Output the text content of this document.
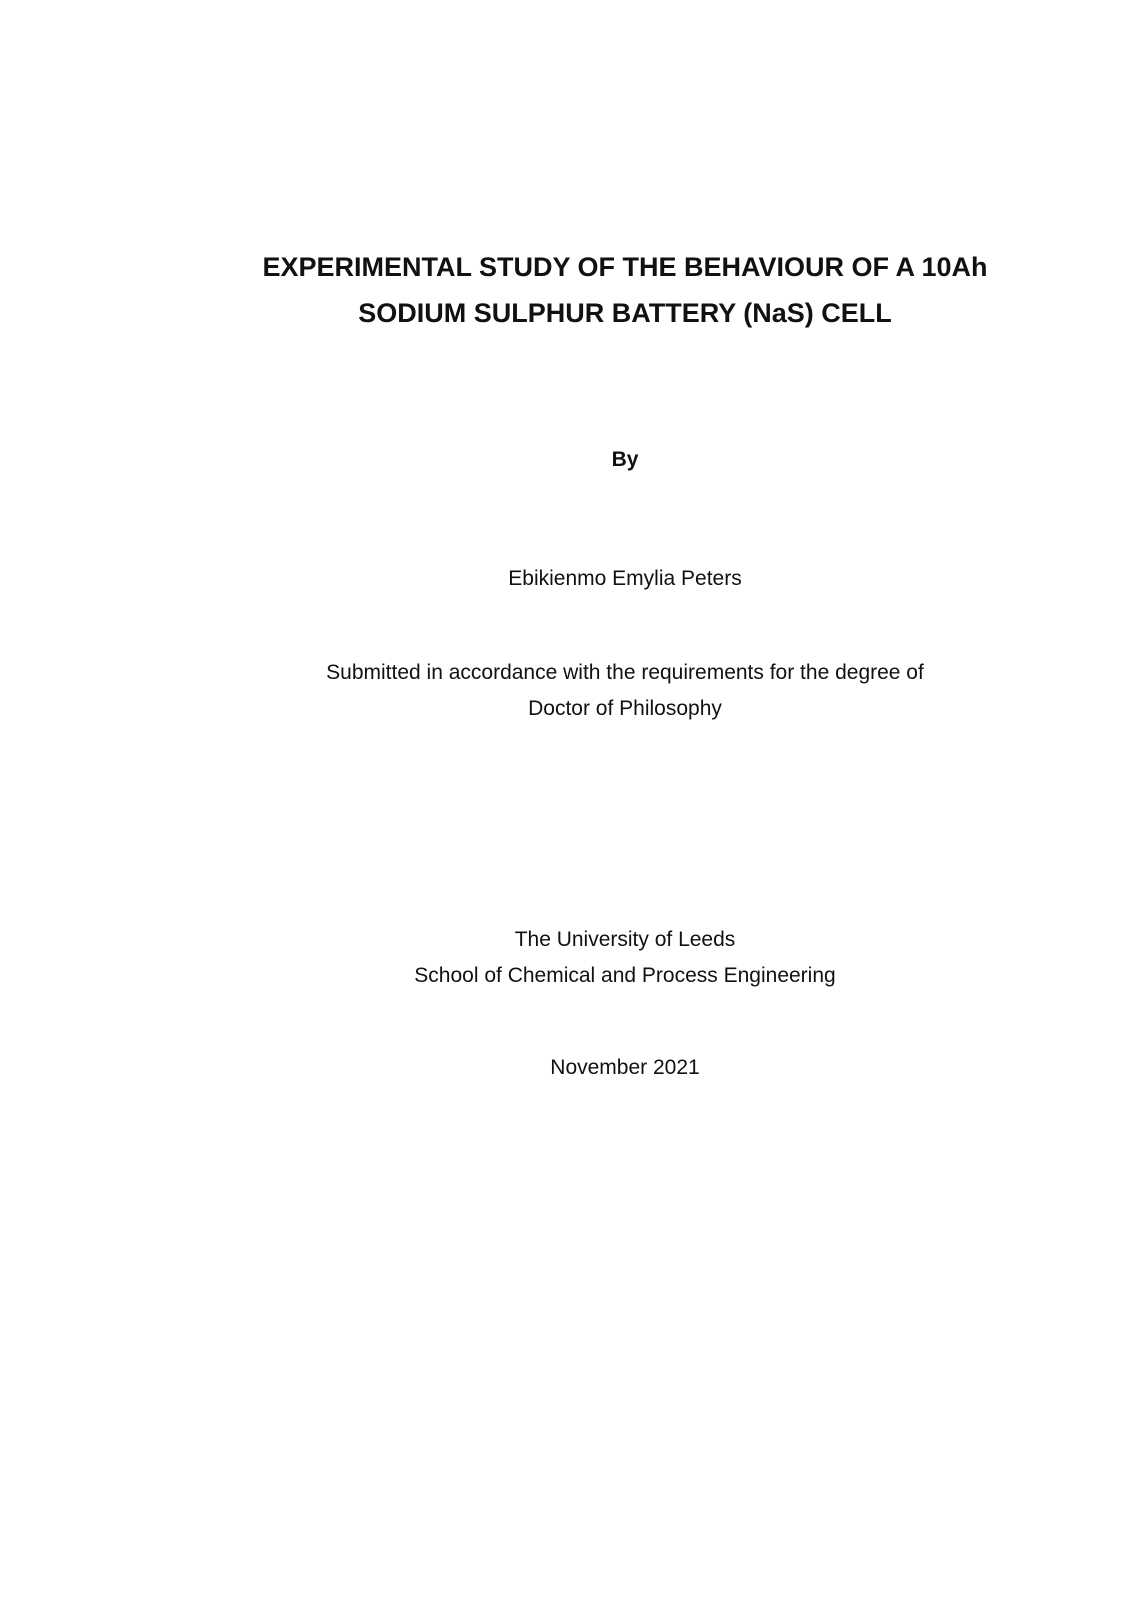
EXPERIMENTAL STUDY OF THE BEHAVIOUR OF A 10Ah

SODIUM SULPHUR BATTERY (NaS) CELL

By
Ebikienmo Emylia Peters
Submitted in accordance with the requirements for the degree of
Doctor of Philosophy
The University of Leeds
School of Chemical and Process Engineering
November 2021
